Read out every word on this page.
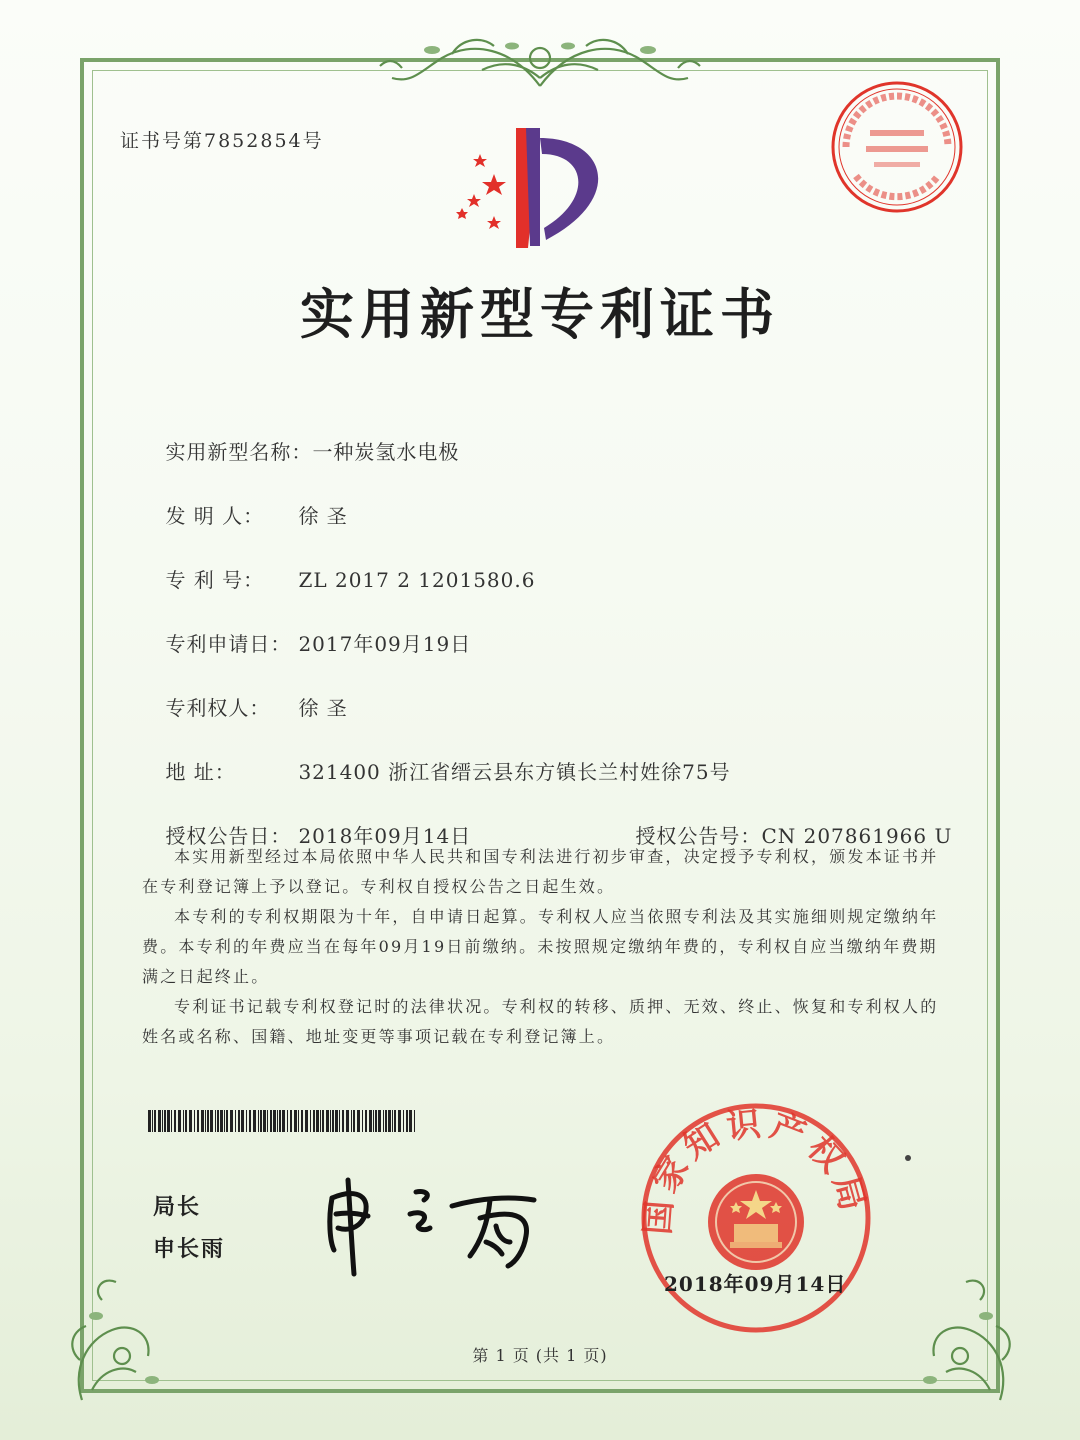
证书号第7852854号
实用新型专利证书

实用新型名称：一种炭氢水电极

发 明 人： 徐 圣

专 利 号： ZL 2017 2 1201580.6

专利申请日： 2017年09月19日

专利权人： 徐 圣

地 址：	321400 浙江省缙云县东方镇长兰村姓徐75号

授权公告日： 2018年09月14日
	授权公告号：CN 207861966 U

本实用新型经过本局依照中华人民共和国专利法进行初步审查，决定授予专利权，颁发本证书并在专利登记簿上予以登记。专利权自授权公告之日起生效。

本专利的专利权期限为十年，自申请日起算。专利权人应当依照专利法及其实施细则规定缴纳年费。本专利的年费应当在每年09月19日前缴纳。未按照规定缴纳年费的，专利权自应当缴纳年费期满之日起终止。

专利证书记载专利权登记时的法律状况。专利权的转移、质押、无效、终止、恢复和专利权人的姓名或名称、国籍、地址变更等事项记载在专利登记簿上。

局长
申长雨
国家知识产权局
2018年09月14日
第 1 页 (共 1 页)
